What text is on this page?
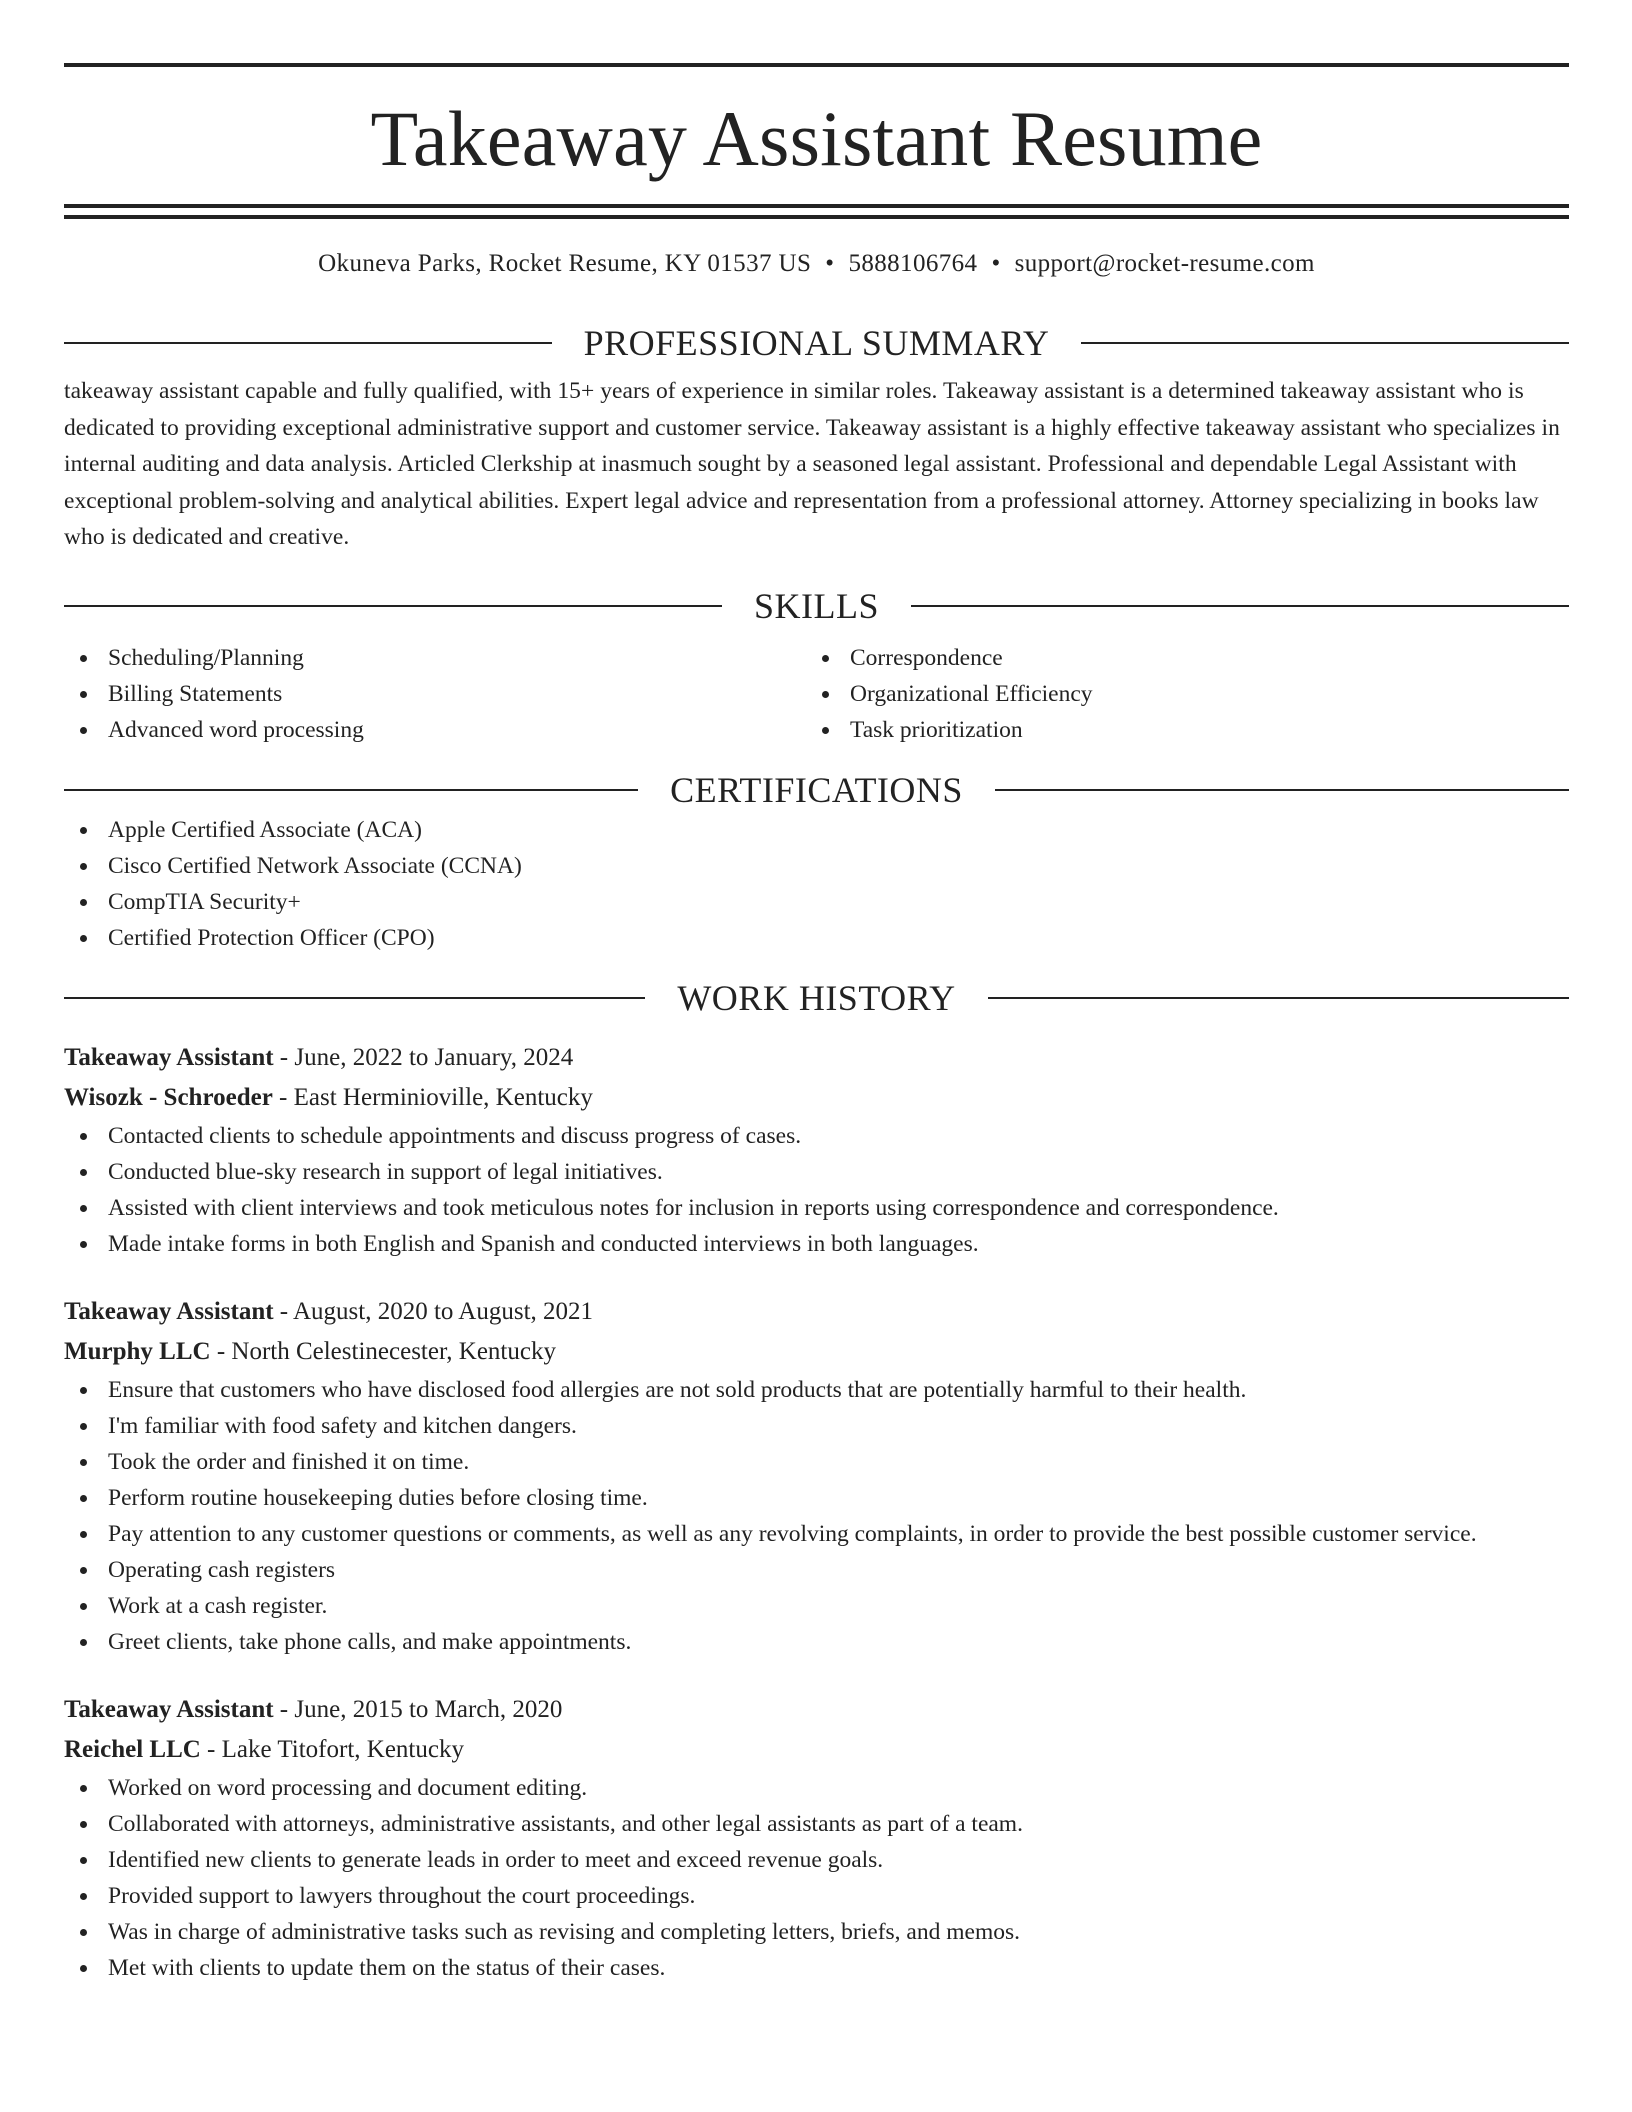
Takeaway Assistant Resume
Okuneva Parks, Rocket Resume, KY 01537 US • 5888106764 • support@rocket-resume.com
PROFESSIONAL SUMMARY
takeaway assistant capable and fully qualified, with 15+ years of experience in similar roles. Takeaway assistant is a determined takeaway assistant who is dedicated to providing exceptional administrative support and customer service. Takeaway assistant is a highly effective takeaway assistant who specializes in internal auditing and data analysis. Articled Clerkship at inasmuch sought by a seasoned legal assistant. Professional and dependable Legal Assistant with exceptional problem-solving and analytical abilities. Expert legal advice and representation from a professional attorney. Attorney specializing in books law who is dedicated and creative.
SKILLS
Scheduling/Planning
Billing Statements
Advanced word processing
Correspondence
Organizational Efficiency
Task prioritization
CERTIFICATIONS
Apple Certified Associate (ACA)
Cisco Certified Network Associate (CCNA)
CompTIA Security+
Certified Protection Officer (CPO)
WORK HISTORY
Takeaway Assistant - June, 2022 to January, 2024
Wisozk - Schroeder - East Herminioville, Kentucky
Contacted clients to schedule appointments and discuss progress of cases.
Conducted blue-sky research in support of legal initiatives.
Assisted with client interviews and took meticulous notes for inclusion in reports using correspondence and correspondence.
Made intake forms in both English and Spanish and conducted interviews in both languages.
Takeaway Assistant - August, 2020 to August, 2021
Murphy LLC - North Celestinecester, Kentucky
Ensure that customers who have disclosed food allergies are not sold products that are potentially harmful to their health.
I'm familiar with food safety and kitchen dangers.
Took the order and finished it on time.
Perform routine housekeeping duties before closing time.
Pay attention to any customer questions or comments, as well as any revolving complaints, in order to provide the best possible customer service.
Operating cash registers
Work at a cash register.
Greet clients, take phone calls, and make appointments.
Takeaway Assistant - June, 2015 to March, 2020
Reichel LLC - Lake Titofort, Kentucky
Worked on word processing and document editing.
Collaborated with attorneys, administrative assistants, and other legal assistants as part of a team.
Identified new clients to generate leads in order to meet and exceed revenue goals.
Provided support to lawyers throughout the court proceedings.
Was in charge of administrative tasks such as revising and completing letters, briefs, and memos.
Met with clients to update them on the status of their cases.
